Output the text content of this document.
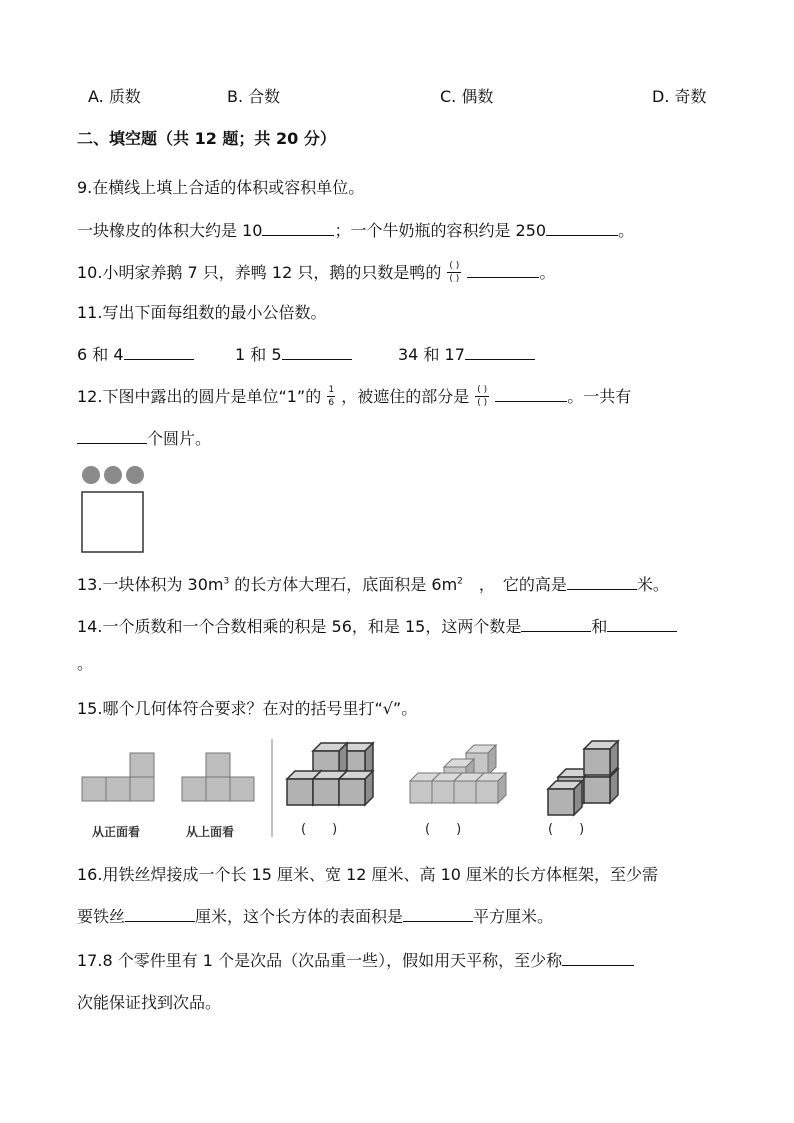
A. 质数	B. 合数	C. 偶数	D. 奇数
二、填空题（共 12 题；共 20 分）
9.在横线上填上合适的体积或容积单位。
一块橡皮的体积大约是 10	；一个牛奶瓶的容积约是 250	。
10.小明家养鹅 7 只，养鸭 12 只，鹅的只数是鸭的 $\frac{( )}{( )}$	。
11.写出下面每组数的最小公倍数。
6 和 4	1 和 5	34 和 17
12.下图中露出的圆片是单位“1”的 $\frac{1}{6}$ ，被遮住的部分是 $\frac{( )}{( )}$	。一共有
个圆片。
13.一块体积为 $30m^3$ 的长方体大理石，底面积是 $6m^2$　，　它的高是	米。
14.一个质数和一个合数相乘的积是 56，和是 15，这两个数是	和
。
15.哪个几何体符合要求？在对的括号里打“√”。
从正面看	从上面看	(　　)	(　　)	(　　)
16.用铁丝焊接成一个长 15 厘米、宽 12 厘米、高 10 厘米的长方体框架，至少需
要铁丝	厘米，这个长方体的表面积是	平方厘米。
17.8 个零件里有 1 个是次品（次品重一些），假如用天平称，至少称
次能保证找到次品。
